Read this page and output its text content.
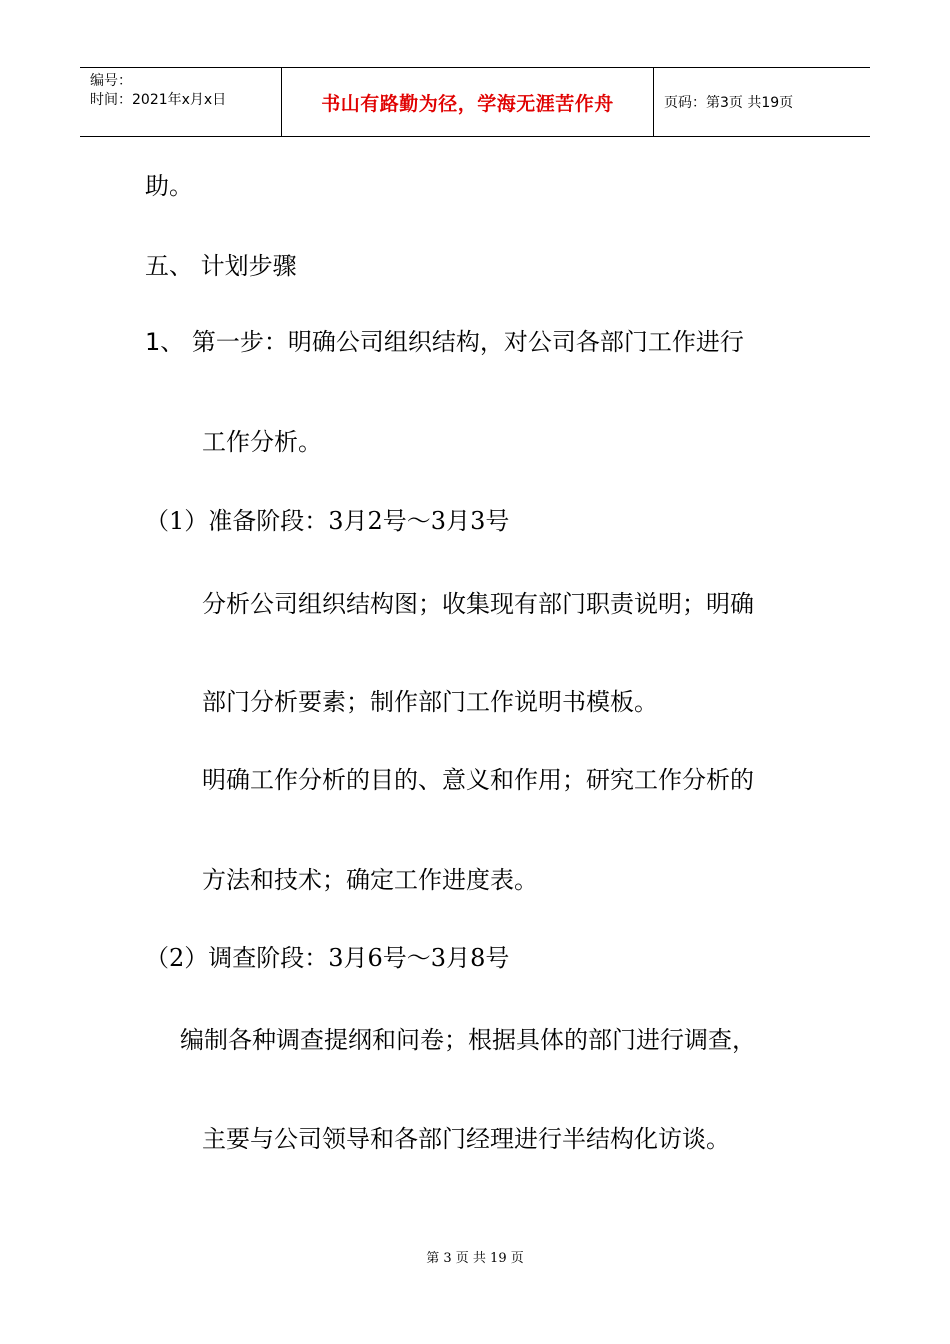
编号：
时间：2021年x月x日	书山有路勤为径，学海无涯苦作舟	页码：第3页 共19页
助。
五、 计划步骤
1、 第一步：明确公司组织结构，对公司各部门工作进行
工作分析。
（1）准备阶段：3月2号～3月3号
分析公司组织结构图；收集现有部门职责说明；明确
部门分析要素；制作部门工作说明书模板。
明确工作分析的目的、意义和作用；研究工作分析的
方法和技术；确定工作进度表。
（2）调查阶段：3月6号～3月8号
编制各种调查提纲和问卷；根据具体的部门进行调查，
主要与公司领导和各部门经理进行半结构化访谈。
第 3 页 共 19 页
